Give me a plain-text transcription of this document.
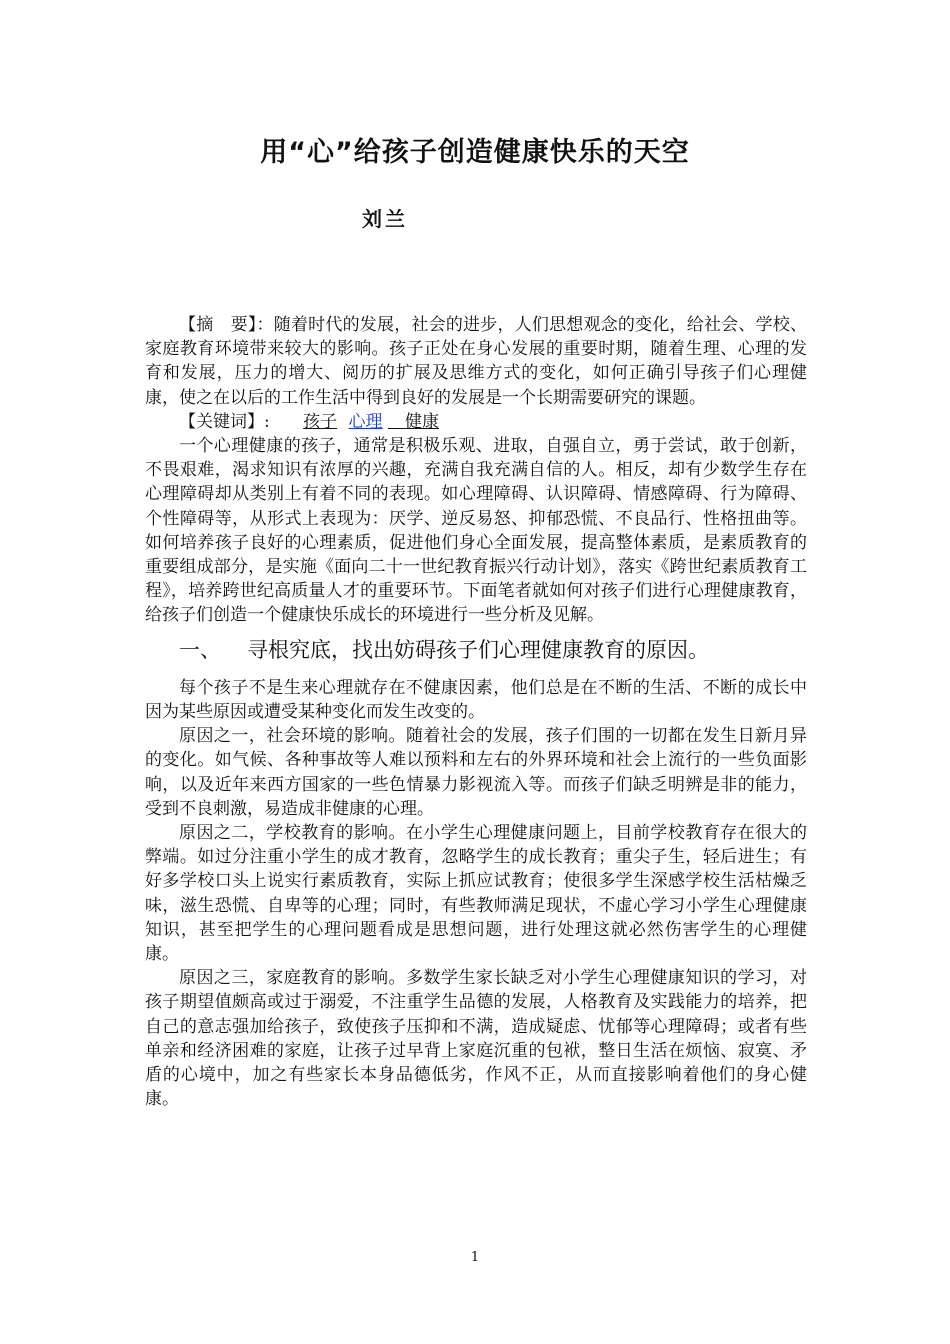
用“心”给孩子创造健康快乐的天空
刘兰

【摘　要】：随着时代的发展，社会的进步，人们思想观念的变化，给社会、学校、家庭教育环境带来较大的影响。孩子正处在身心发展的重要时期，随着生理、心理的发育和发展，压力的增大、阅历的扩展及思维方式的变化，如何正确引导孩子们心理健康，使之在以后的工作生活中得到良好的发展是一个长期需要研究的课题。

【关键词】: 孩子 心理 　 健康

一个心理健康的孩子，通常是积极乐观、进取，自强自立，勇于尝试，敢于创新，不畏艰难，渴求知识有浓厚的兴趣，充满自我充满自信的人。相反，却有少数学生存在心理障碍却从类别上有着不同的表现。如心理障碍、认识障碍、情感障碍、行为障碍、个性障碍等，从形式上表现为：厌学、逆反易怒、抑郁恐慌、不良品行、性格扭曲等。如何培养孩子良好的心理素质，促进他们身心全面发展，提高整体素质，是素质教育的重要组成部分，是实施《面向二十一世纪教育振兴行动计划》，落实《跨世纪素质教育工程》，培养跨世纪高质量人才的重要环节。下面笔者就如何对孩子们进行心理健康教育，给孩子们创造一个健康快乐成长的环境进行一些分析及见解。

一、 寻根究底，找出妨碍孩子们心理健康教育的原因。

每个孩子不是生来心理就存在不健康因素，他们总是在不断的生活、不断的成长中因为某些原因或遭受某种变化而发生改变的。

原因之一，社会环境的影响。随着社会的发展，孩子们围的一切都在发生日新月异的变化。如气候、各种事故等人难以预料和左右的外界环境和社会上流行的一些负面影响，以及近年来西方国家的一些色情暴力影视流入等。而孩子们缺乏明辨是非的能力，受到不良刺激，易造成非健康的心理。

原因之二，学校教育的影响。在小学生心理健康问题上，目前学校教育存在很大的弊端。如过分注重小学生的成才教育，忽略学生的成长教育；重尖子生，轻后进生；有好多学校口头上说实行素质教育，实际上抓应试教育；使很多学生深感学校生活枯燥乏味，滋生恐慌、自卑等的心理；同时，有些教师满足现状，不虚心学习小学生心理健康知识，甚至把学生的心理问题看成是思想问题，进行处理这就必然伤害学生的心理健康。

原因之三，家庭教育的影响。多数学生家长缺乏对小学生心理健康知识的学习，对孩子期望值颇高或过于溺爱，不注重学生品德的发展，人格教育及实践能力的培养，把自己的意志强加给孩子，致使孩子压抑和不满，造成疑虑、忧郁等心理障碍；或者有些单亲和经济困难的家庭，让孩子过早背上家庭沉重的包袱，整日生活在烦恼、寂寞、矛盾的心境中，加之有些家长本身品德低劣，作风不正，从而直接影响着他们的身心健康。

1
